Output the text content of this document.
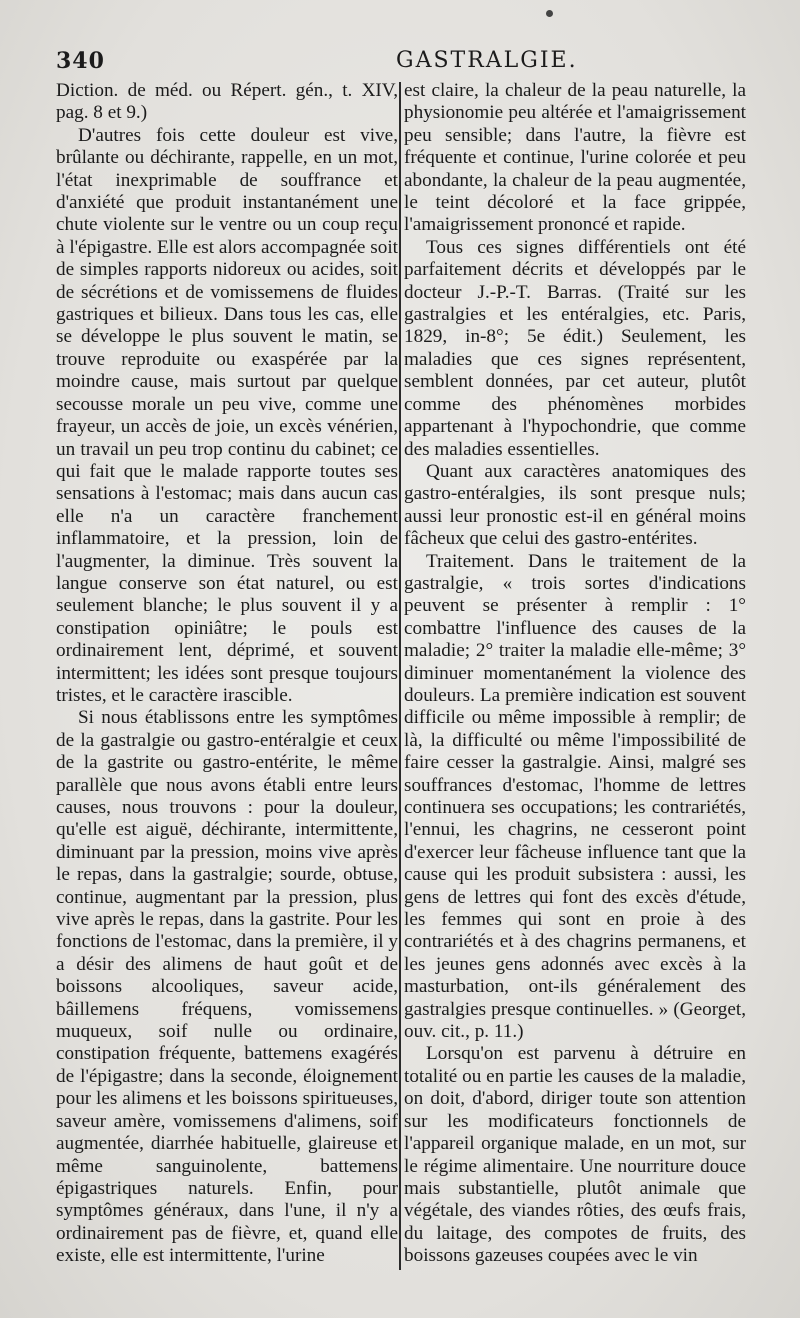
340	GASTRALGIE.

Diction. de méd. ou Répert. gén., t. XIV, pag. 8 et 9.)

D'autres fois cette douleur est vive, brûlante ou déchirante, rappelle, en un mot, l'état inexprimable de souffrance et d'anxiété que produit instantanément une chute violente sur le ventre ou un coup reçu à l'épigastre. Elle est alors accompagnée soit de simples rapports nidoreux ou acides, soit de sécrétions et de vomissemens de fluides gastriques et bilieux. Dans tous les cas, elle se développe le plus souvent le matin, se trouve reproduite ou exaspérée par la moindre cause, mais surtout par quelque secousse morale un peu vive, comme une frayeur, un accès de joie, un excès vénérien, un travail un peu trop continu du cabinet; ce qui fait que le malade rapporte toutes ses sensations à l'estomac; mais dans aucun cas elle n'a un caractère franchement inflammatoire, et la pression, loin de l'augmenter, la diminue. Très souvent la langue conserve son état naturel, ou est seulement blanche; le plus souvent il y a constipation opiniâtre; le pouls est ordinairement lent, déprimé, et souvent intermittent; les idées sont presque toujours tristes, et le caractère irascible.

Si nous établissons entre les symptômes de la gastralgie ou gastro-entéralgie et ceux de la gastrite ou gastro-entérite, le même parallèle que nous avons établi entre leurs causes, nous trouvons : pour la douleur, qu'elle est aiguë, déchirante, intermittente, diminuant par la pression, moins vive après le repas, dans la gastralgie; sourde, obtuse, continue, augmentant par la pression, plus vive après le repas, dans la gastrite. Pour les fonctions de l'estomac, dans la première, il y a désir des alimens de haut goût et de boissons alcooliques, saveur acide, bâillemens fréquens, vomissemens muqueux, soif nulle ou ordinaire, constipation fréquente, battemens exagérés de l'épigastre; dans la seconde, éloignement pour les alimens et les boissons spiritueuses, saveur amère, vomissemens d'alimens, soif augmentée, diarrhée habituelle, glaireuse et même sanguinolente, battemens épigastriques naturels. Enfin, pour symptômes généraux, dans l'une, il n'y a ordinairement pas de fièvre, et, quand elle existe, elle est intermittente, l'urine

est claire, la chaleur de la peau naturelle, la physionomie peu altérée et l'amaigrissement peu sensible; dans l'autre, la fièvre est fréquente et continue, l'urine colorée et peu abondante, la chaleur de la peau augmentée, le teint décoloré et la face grippée, l'amaigrissement prononcé et rapide.

Tous ces signes différentiels ont été parfaitement décrits et développés par le docteur J.-P.-T. Barras. (Traité sur les gastralgies et les entéralgies, etc. Paris, 1829, in-8°; 5e édit.) Seulement, les maladies que ces signes représentent, semblent données, par cet auteur, plutôt comme des phénomènes morbides appartenant à l'hypochondrie, que comme des maladies essentielles.

Quant aux caractères anatomiques des gastro-entéralgies, ils sont presque nuls; aussi leur pronostic est-il en général moins fâcheux que celui des gastro-entérites.

Traitement. Dans le traitement de la gastralgie, « trois sortes d'indications peuvent se présenter à remplir : 1° combattre l'influence des causes de la maladie; 2° traiter la maladie elle-même; 3° diminuer momentanément la violence des douleurs. La première indication est souvent difficile ou même impossible à remplir; de là, la difficulté ou même l'impossibilité de faire cesser la gastralgie. Ainsi, malgré ses souffrances d'estomac, l'homme de lettres continuera ses occupations; les contrariétés, l'ennui, les chagrins, ne cesseront point d'exercer leur fâcheuse influence tant que la cause qui les produit subsistera : aussi, les gens de lettres qui font des excès d'étude, les femmes qui sont en proie à des contrariétés et à des chagrins permanens, et les jeunes gens adonnés avec excès à la masturbation, ont-ils généralement des gastralgies presque continuelles. » (Georget, ouv. cit., p. 11.)

Lorsqu'on est parvenu à détruire en totalité ou en partie les causes de la maladie, on doit, d'abord, diriger toute son attention sur les modificateurs fonctionnels de l'appareil organique malade, en un mot, sur le régime alimentaire. Une nourriture douce mais substantielle, plutôt animale que végétale, des viandes rôties, des œufs frais, du laitage, des compotes de fruits, des boissons gazeuses coupées avec le vin
